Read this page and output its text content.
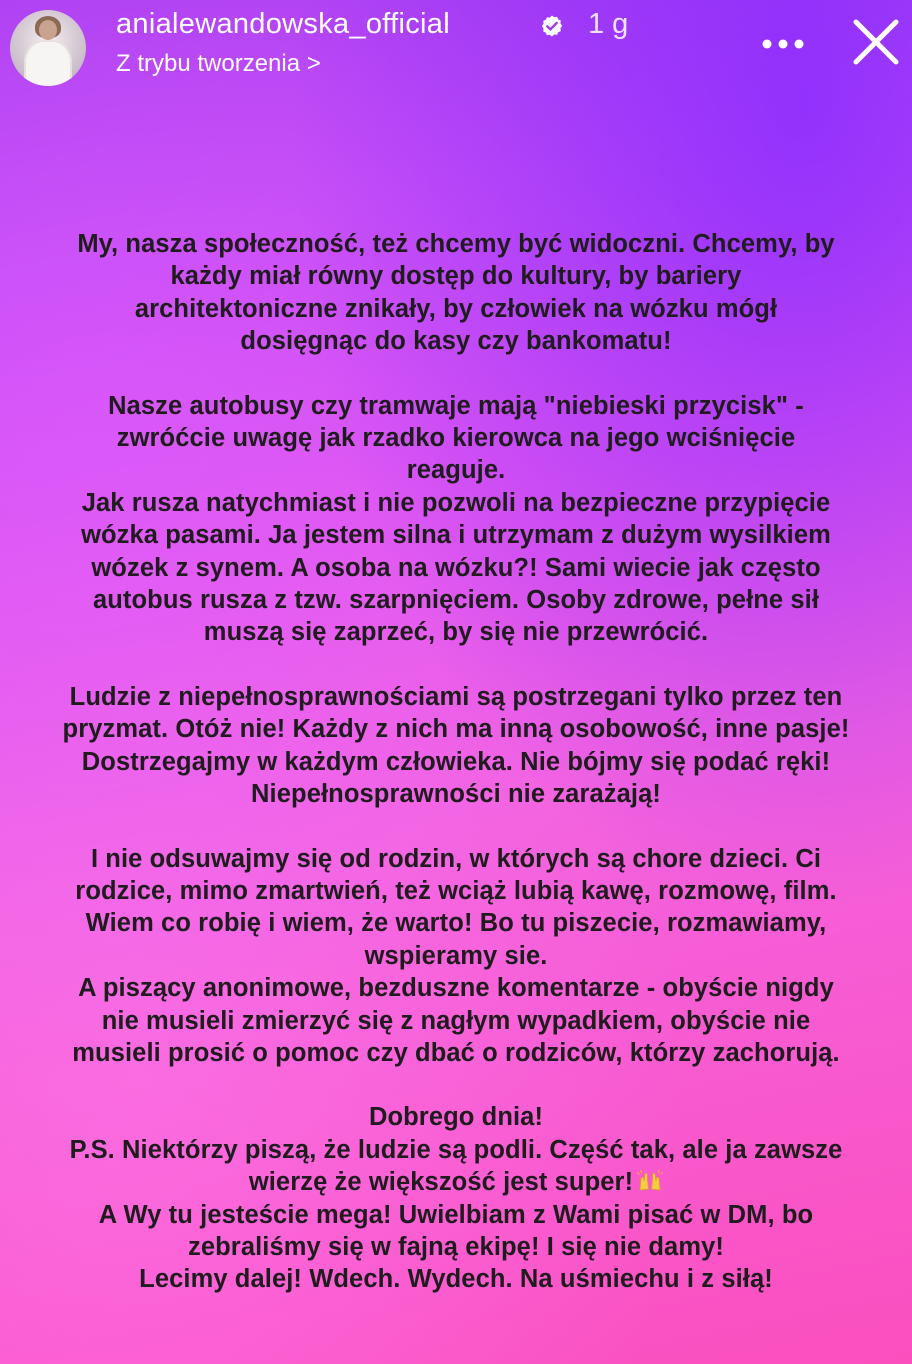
anialewandowska_official	1 g
Z trybu tworzenia >

My, nasza społeczność, też chcemy być widoczni. Chcemy, by
każdy miał równy dostęp do kultury, by bariery
architektoniczne znikały, by człowiek na wózku mógł
dosięgnąc do kasy czy bankomatu!

Nasze autobusy czy tramwaje mają "niebieski przycisk" -
zwróćcie uwagę jak rzadko kierowca na jego wciśnięcie
reaguje.
Jak rusza natychmiast i nie pozwoli na bezpieczne przypięcie
wózka pasami. Ja jestem silna i utrzymam z dużym wysilkiem
wózek z synem. A osoba na wózku?! Sami wiecie jak często
autobus rusza z tzw. szarpnięciem. Osoby zdrowe, pełne sił
muszą się zaprzeć, by się nie przewrócić.

Ludzie z niepełnosprawnościami są postrzegani tylko przez ten
pryzmat. Otóż nie! Każdy z nich ma inną osobowość, inne pasje!
Dostrzegajmy w każdym człowieka. Nie bójmy się podać ręki!
Niepełnosprawności nie zarażają!

I nie odsuwajmy się od rodzin, w których są chore dzieci. Ci
rodzice, mimo zmartwień, też wciąż lubią kawę, rozmowę, film.
Wiem co robię i wiem, że warto! Bo tu piszecie, rozmawiamy,
wspieramy sie.
A piszący anonimowe, bezduszne komentarze - obyście nigdy
nie musieli zmierzyć się z nagłym wypadkiem, obyście nie
musieli prosić o pomoc czy dbać o rodziców, którzy zachorują.

Dobrego dnia!
P.S. Niektórzy piszą, że ludzie są podli. Część tak, ale ja zawsze
wierzę że większość jest super!
A Wy tu jesteście mega! Uwielbiam z Wami pisać w DM, bo
zebraliśmy się w fajną ekipę! I się nie damy!
Lecimy dalej! Wdech. Wydech. Na uśmiechu i z siłą!
